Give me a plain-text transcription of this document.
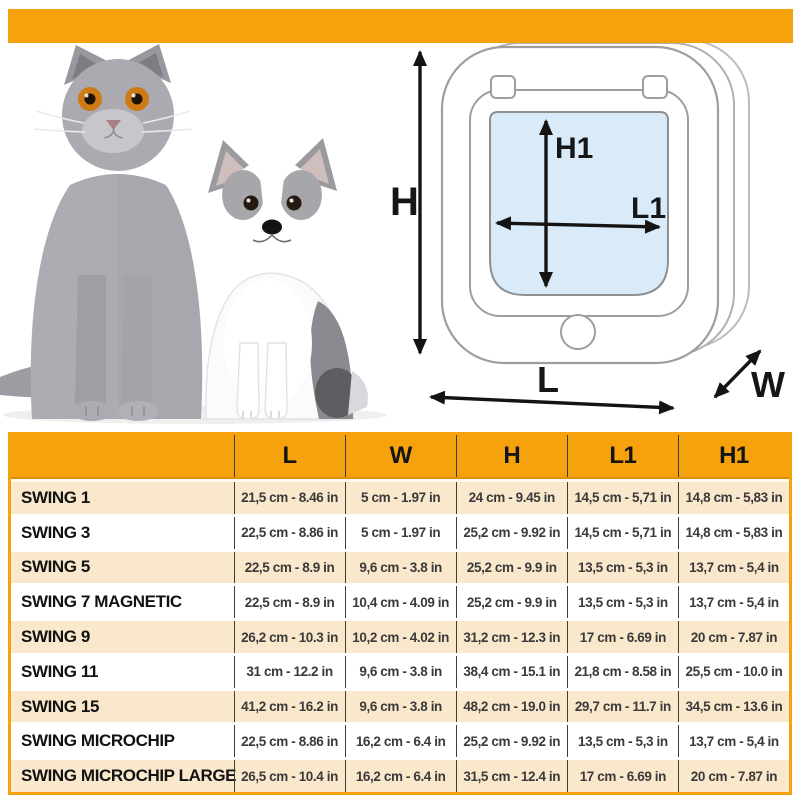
H
H1
L1
L	W
L	W	H	L1	H1
SWING 1	21,5 cm - 8.46 in	5 cm - 1.97 in	24 cm - 9.45 in	14,5 cm - 5,71 in	14,8 cm - 5,83 in
SWING 3	22,5 cm - 8.86 in	5 cm - 1.97 in	25,2 cm - 9.92 in	14,5 cm - 5,71 in	14,8 cm - 5,83 in
SWING 5	22,5 cm - 8.9 in	9,6 cm - 3.8 in	25,2 cm - 9.9 in	13,5 cm - 5,3 in	13,7 cm - 5,4 in
SWING 7 MAGNETIC	22,5 cm - 8.9 in	10,4 cm - 4.09 in	25,2 cm - 9.9 in	13,5 cm - 5,3 in	13,7 cm - 5,4 in
SWING 9	26,2 cm - 10.3 in	10,2 cm - 4.02 in	31,2 cm - 12.3 in	17 cm - 6.69 in	20 cm - 7.87 in
SWING 11	31 cm - 12.2 in	9,6 cm - 3.8 in	38,4 cm - 15.1 in	21,8 cm - 8.58 in	25,5 cm - 10.0 in
SWING 15	41,2 cm - 16.2 in	9,6 cm - 3.8 in	48,2 cm - 19.0 in	29,7 cm - 11.7 in	34,5 cm - 13.6 in
SWING MICROCHIP	22,5 cm - 8.86 in	16,2 cm - 6.4 in	25,2 cm - 9.92 in	13,5 cm - 5,3 in	13,7 cm - 5,4 in
SWING MICROCHIP LARGE 26,5 cm - 10.4 in	16,2 cm - 6.4 in	31,5 cm - 12.4 in	17 cm - 6.69 in	20 cm - 7.87 in
